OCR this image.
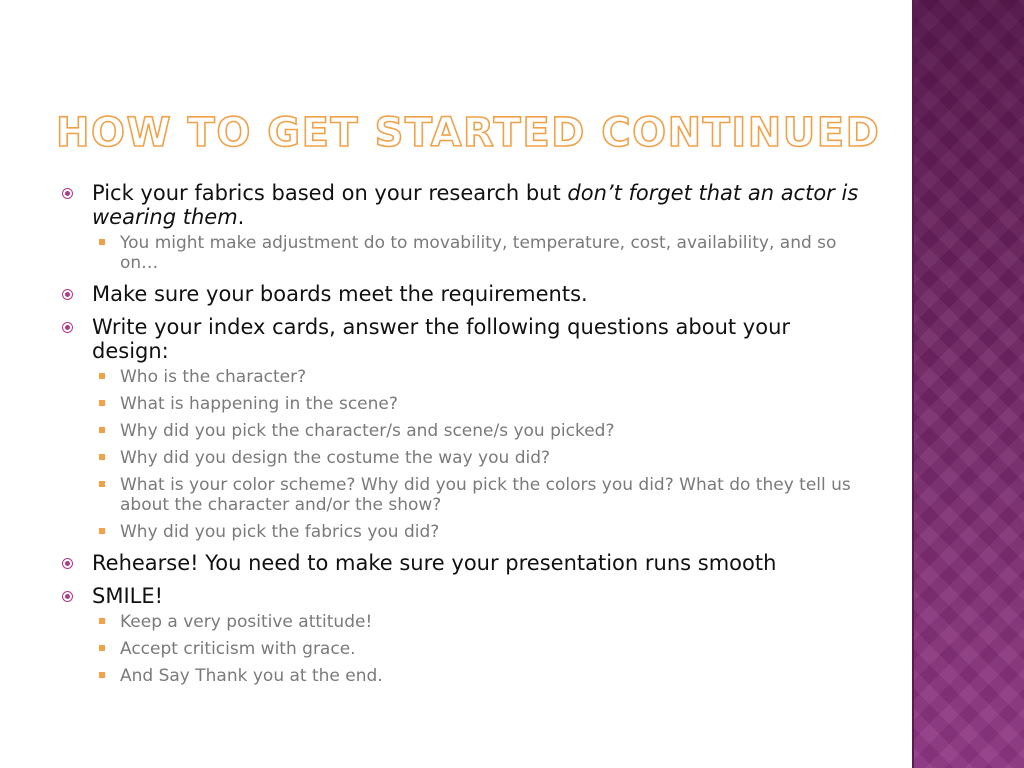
HOW TO GET STARTED CONTINUED
Pick your fabrics based on your research but don’t forget that an actor is wearing them.
You might make adjustment do to movability, temperature, cost, availability, and so on…
Make sure your boards meet the requirements.
Write your index cards, answer the following questions about your design:
Who is the character?
What is happening in the scene?
Why did you pick the character/s and scene/s you picked?
Why did you design the costume the way you did?
What is your color scheme? Why did you pick the colors you did? What do they tell us about the character and/or the show?
Why did you pick the fabrics you did?
Rehearse! You need to make sure your presentation runs smooth
SMILE!
Keep a very positive attitude!
Accept criticism with grace.
And Say Thank you at the end.
